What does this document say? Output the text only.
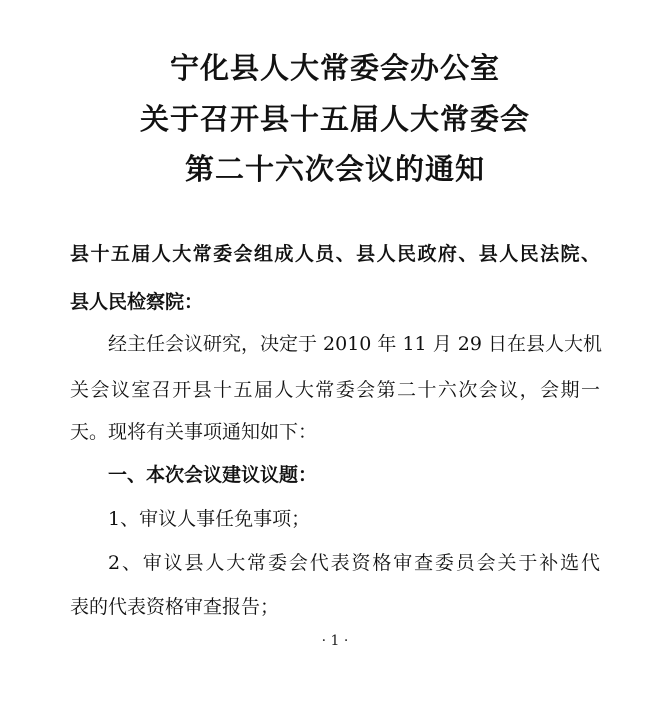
宁化县人大常委会办公室
关于召开县十五届人大常委会
第二十六次会议的通知
县十五届人大常委会组成人员、县人民政府、县人民法院、
县人民检察院：
经主任会议研究，决定于 2010 年 11 月 29 日在县人大机
关会议室召开县十五届人大常委会第二十六次会议，会期一
天。现将有关事项通知如下：
一、本次会议建议议题：
1、审议人事任免事项；
2、审议县人大常委会代表资格审查委员会关于补选代
表的代表资格审查报告；
· 1 ·
